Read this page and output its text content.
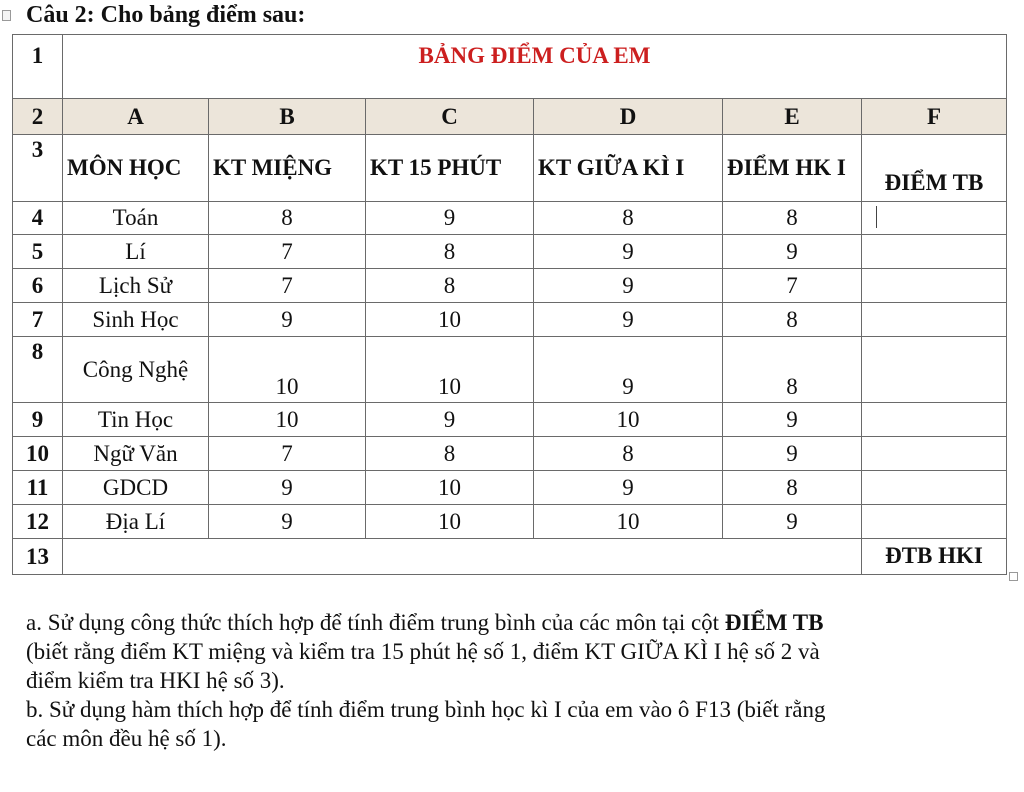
Câu 2: Cho bảng điểm sau:
1	BẢNG ĐIỂM CỦA EM					
2	A	B	C	D	E	F
3	MÔN HỌC	KT MIỆNG	KT 15 PHÚT	KT GIỮA KÌ I	ĐIỂM HK I	ĐIỂM TB
4	Toán	8	9	8	8	

5	Lí	7	8	9	9	
6	Lịch Sử	7	8	9	7	
7	Sinh Học	9	10	9	8	
8	Công Nghệ	10	10	9	8	
9	Tin Học	10	9	10	9	
10	Ngữ Văn	7	8	8	9	
11	GDCD	9	10	9	8	
12	Địa Lí	9	10	10	9	
13						ĐTB HKI

a. Sử dụng công thức thích hợp để tính điểm trung bình của các môn tại cột ĐIỂM TB

(biết rằng điểm KT miệng và kiểm tra 15 phút hệ số 1, điểm KT GIỮA KÌ I hệ số 2 và

điểm kiểm tra HKI hệ số 3).

b. Sử dụng hàm thích hợp để tính điểm trung bình học kì I của em vào ô F13 (biết rằng

các môn đều hệ số 1).
